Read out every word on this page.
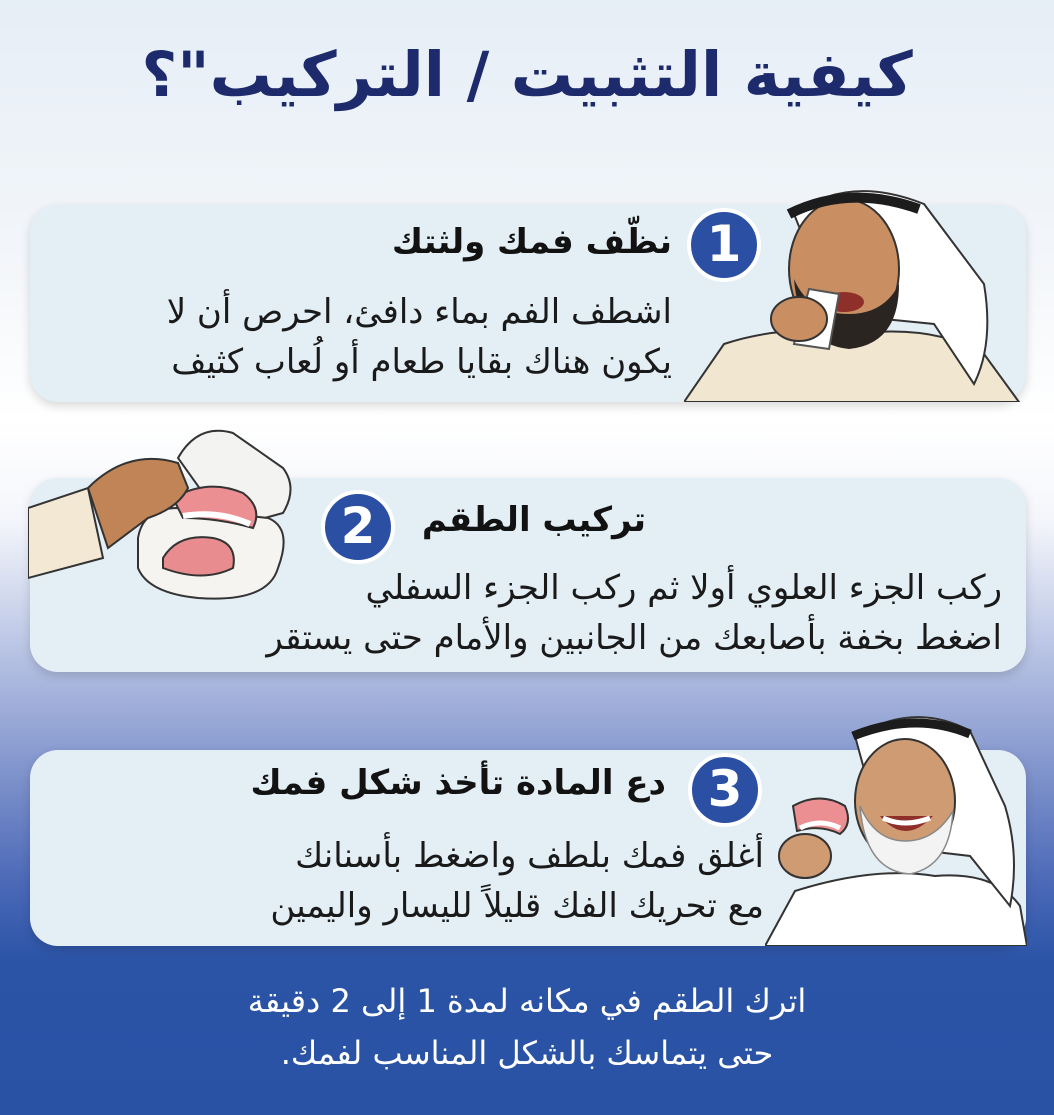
كيفية التثبيت / التركيب"؟
1
نظّف فمك ولثتك
اشطف الفم بماء دافئ، احرص أن لا
يكون هناك بقايا طعام أو لُعاب كثيف
2	تركيب الطقم
ركب الجزء العلوي أولا ثم ركب الجزء السفلي
اضغط بخفة بأصابعك من الجانبين والأمام حتى يستقر
3
دع المادة تأخذ شكل فمك
أغلق فمك بلطف واضغط بأسنانك
مع تحريك الفك قليلاً لليسار واليمين
اترك الطقم في مكانه لمدة 1 إلى 2 دقيقة
حتى يتماسك بالشكل المناسب لفمك.
